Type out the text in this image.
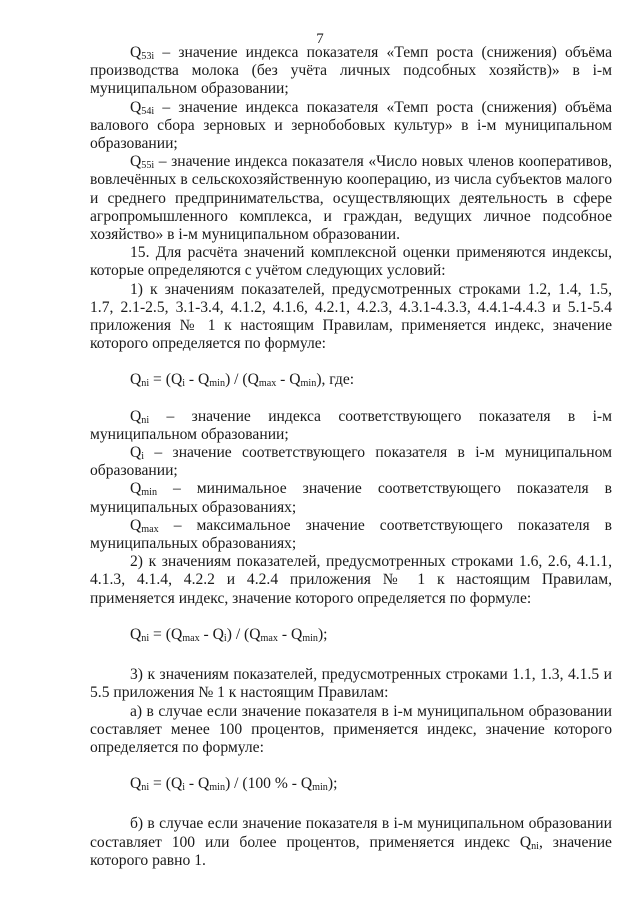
7

$Q_{53i}$ – значение индекса показателя «Темп роста (снижения) объёма производства молока (без учёта личных подсобных хозяйств)» в i-м муниципальном образовании;

$Q_{54i}$ – значение индекса показателя «Темп роста (снижения) объёма валового сбора зерновых и зернобобовых культур» в i-м муниципальном образовании;

$Q_{55i}$ – значение индекса показателя «Число новых членов кооперативов, вовлечённых в сельскохозяйственную кооперацию, из числа субъектов малого и среднего предпринимательства, осуществляющих деятельность в сфере агропромышленного комплекса, и граждан, ведущих личное подсобное хозяйство» в i-м муниципальном образовании.

15. Для расчёта значений комплексной оценки применяются индексы, которые определяются с учётом следующих условий:

1) к значениям показателей, предусмотренных строками 1.2, 1.4, 1.5, 1.7, 2.1-2.5, 3.1-3.4, 4.1.2, 4.1.6, 4.2.1, 4.2.3, 4.3.1-4.3.3, 4.4.1-4.4.3 и 5.1-5.4 приложения № 1 к настоящим Правилам, применяется индекс, значение которого определяется по формуле:

$Q_{ni} = (Q_i - Q_{min}) / (Q_{max} - Q_{min})$, где:

$Q_{ni}$ – значение индекса соответствующего показателя в i-м муниципальном образовании;

$Q_i$ – значение соответствующего показателя в i-м муниципальном образовании;

$Q_{min}$ – минимальное значение соответствующего показателя в муниципальных образованиях;

$Q_{max}$ – максимальное значение соответствующего показателя в муниципальных образованиях;

2) к значениям показателей, предусмотренных строками 1.6, 2.6, 4.1.1, 4.1.3, 4.1.4, 4.2.2 и 4.2.4 приложения № 1 к настоящим Правилам, применяется индекс, значение которого определяется по формуле:

$Q_{ni} = (Q_{max} - Q_i) / (Q_{max} - Q_{min})$;

3) к значениям показателей, предусмотренных строками 1.1, 1.3, 4.1.5 и 5.5 приложения № 1 к настоящим Правилам:

а) в случае если значение показателя в i-м муниципальном образовании составляет менее 100 процентов, применяется индекс, значение которого определяется по формуле:

$Q_{ni} = (Q_i - Q_{min}) / (100$ % - $Q_{min}$);

б) в случае если значение показателя в i-м муниципальном образовании составляет 100 или более процентов, применяется индекс $Q_{ni}$, значение которого равно 1.
